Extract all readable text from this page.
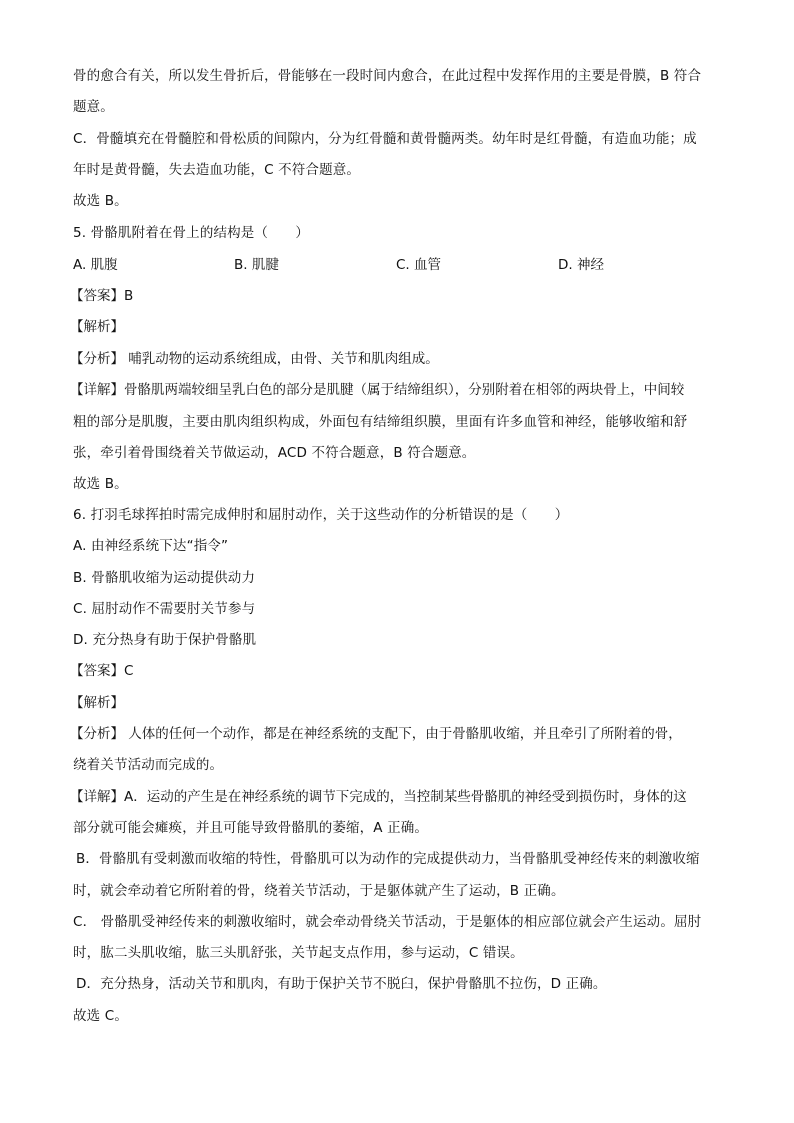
骨的愈合有关，所以发生骨折后，骨能够在一段时间内愈合，在此过程中发挥作用的主要是骨膜，B 符合
题意。
C．骨髓填充在骨髓腔和骨松质的间隙内，分为红骨髓和黄骨髓两类。幼年时是红骨髓，有造血功能；成
年时是黄骨髓，失去造血功能，C 不符合题意。
故选 B。
5. 骨骼肌附着在骨上的结构是（　　）
A. 肌腹	B. 肌腱	C. 血管	D. 神经
【答案】B
【解析】
【分析】 哺乳动物的运动系统组成，由骨、关节和肌肉组成。
【详解】骨骼肌两端较细呈乳白色的部分是肌腱（属于结缔组织），分别附着在相邻的两块骨上，中间较
粗的部分是肌腹，主要由肌肉组织构成，外面包有结缔组织膜，里面有许多血管和神经，能够收缩和舒
张，牵引着骨围绕着关节做运动，ACD 不符合题意，B 符合题意。
故选 B。
6. 打羽毛球挥拍时需完成伸肘和屈肘动作，关于这些动作的分析错误的是（　　）
A. 由神经系统下达“指令”
B. 骨骼肌收缩为运动提供动力
C. 屈肘动作不需要肘关节参与
D. 充分热身有助于保护骨骼肌
【答案】C
【解析】
【分析】 人体的任何一个动作，都是在神经系统的支配下，由于骨骼肌收缩，并且牵引了所附着的骨，
绕着关节活动而完成的。
【详解】A．运动的产生是在神经系统的调节下完成的，当控制某些骨骼肌的神经受到损伤时，身体的这
部分就可能会瘫痪，并且可能导致骨骼肌的萎缩，A 正确。
B．骨骼肌有受刺激而收缩的特性，骨骼肌可以为动作的完成提供动力，当骨骼肌受神经传来的刺激收缩
时，就会牵动着它所附着的骨，绕着关节活动，于是躯体就产生了运动，B 正确。
C． 骨骼肌受神经传来的刺激收缩时，就会牵动骨绕关节活动，于是躯体的相应部位就会产生运动。屈肘
时，肱二头肌收缩，肱三头肌舒张，关节起支点作用，参与运动，C 错误。
D．充分热身，活动关节和肌肉，有助于保护关节不脱臼，保护骨骼肌不拉伤，D 正确。
故选 C。
